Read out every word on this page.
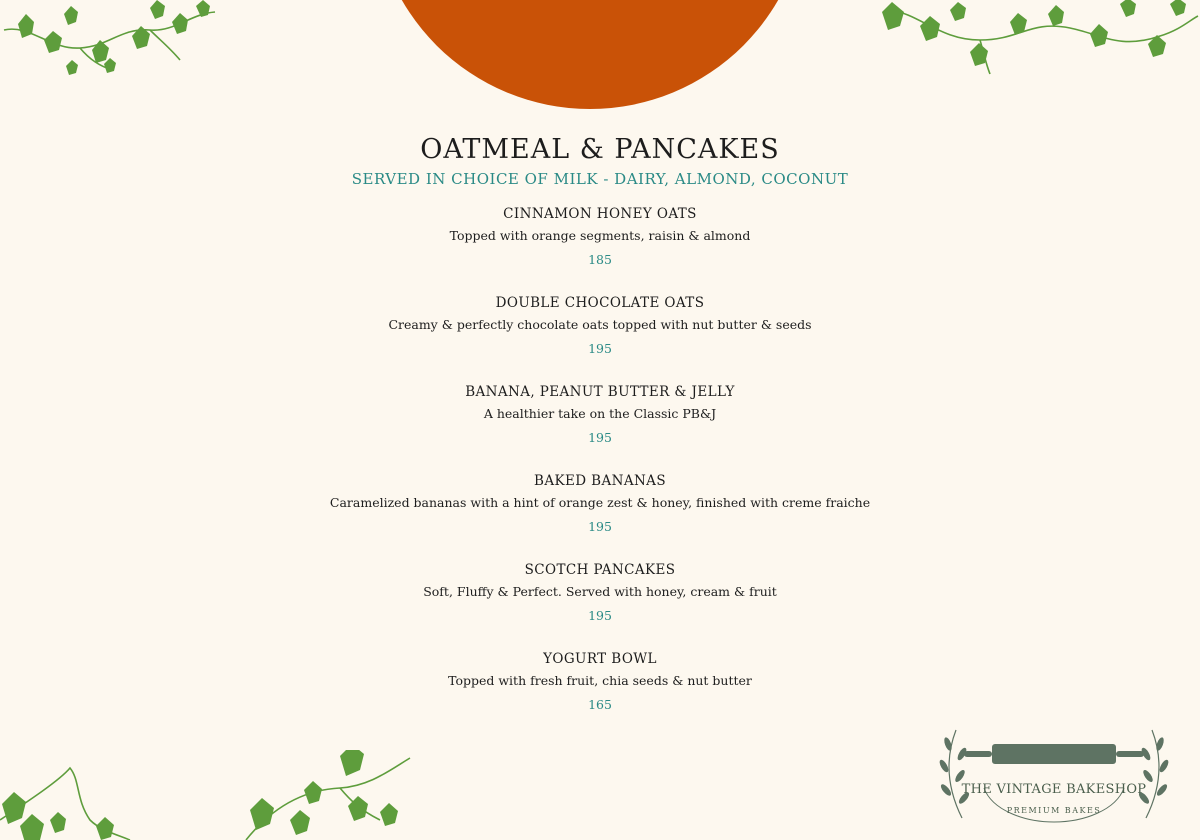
OATMEAL & PANCAKES
SERVED IN CHOICE OF MILK - DAIRY, ALMOND, COCONUT
CINNAMON HONEY OATS
Topped with orange segments, raisin & almond
185
DOUBLE CHOCOLATE OATS
Creamy & perfectly chocolate oats topped with nut butter & seeds
195
BANANA, PEANUT BUTTER & JELLY
A healthier take on the Classic PB&J
195
BAKED BANANAS
Caramelized bananas with a hint of orange zest & honey, finished with creme fraiche
195
SCOTCH PANCAKES
Soft, Fluffy & Perfect. Served with honey, cream & fruit
195
YOGURT BOWL
Topped with fresh fruit, chia seeds & nut butter
165
THE VINTAGE BAKESHOP
PREMIUM BAKES
